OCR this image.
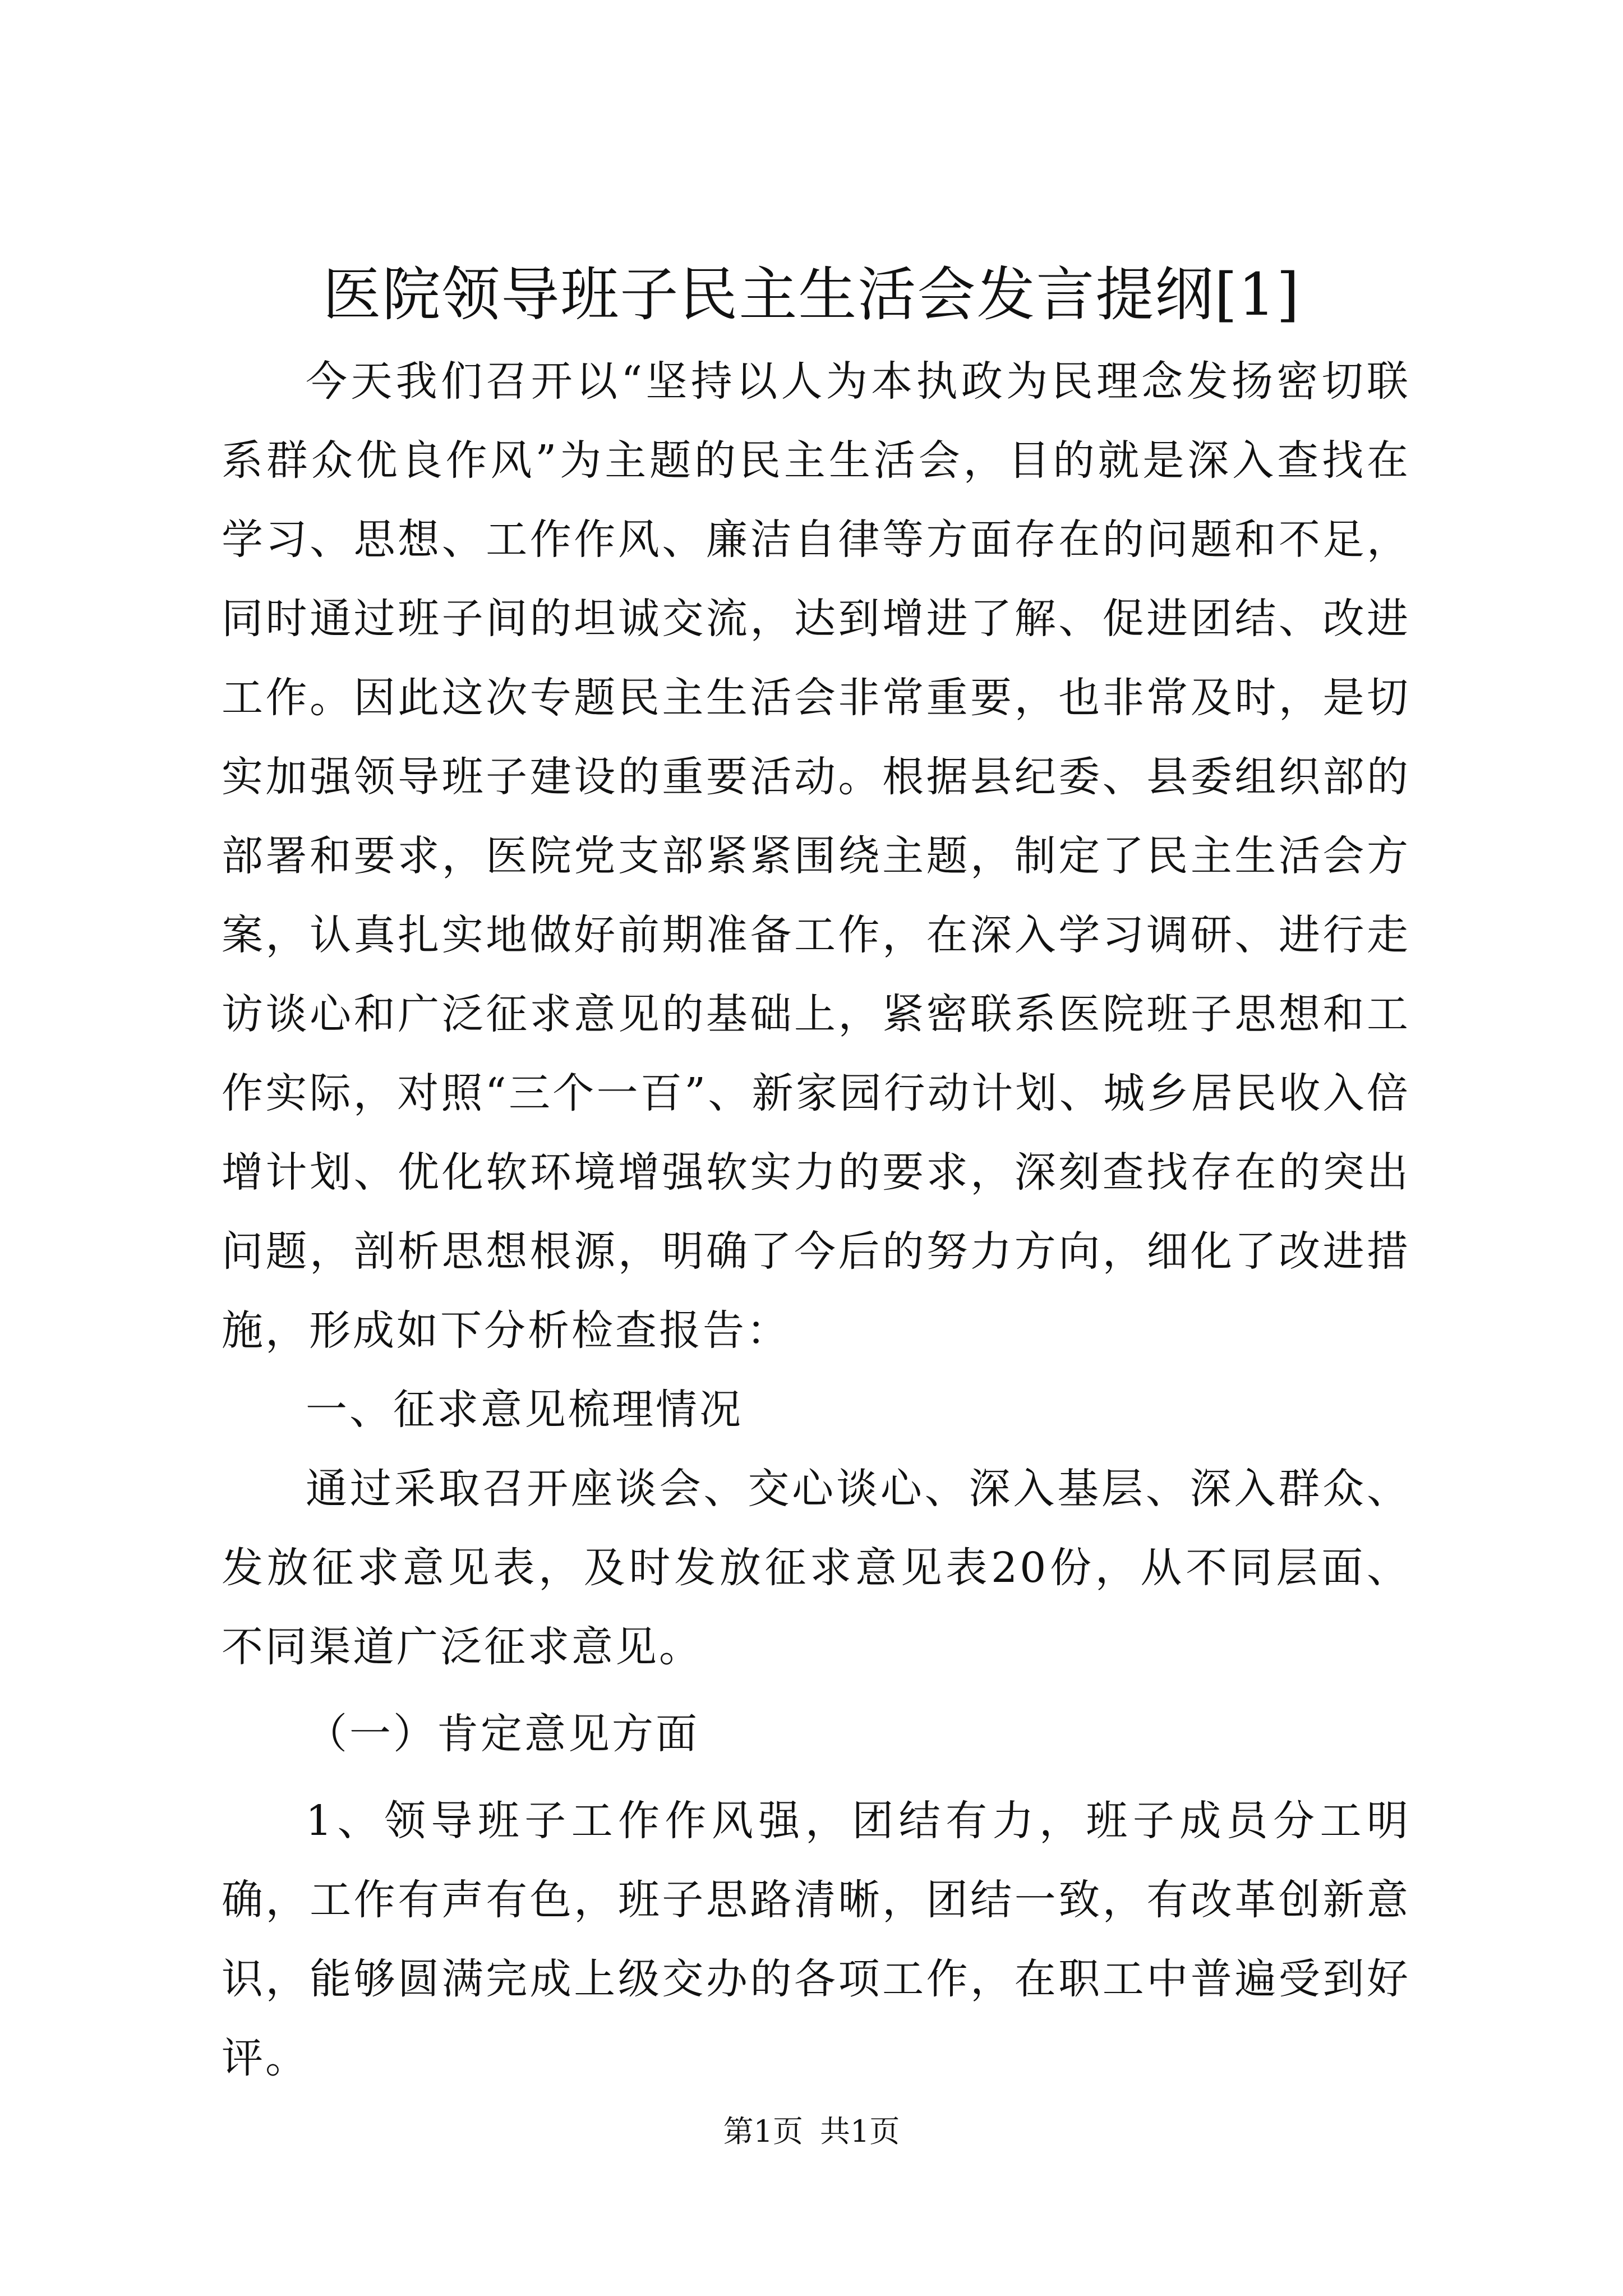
医院领导班子民主生活会发言提纲[1]

今天我们召开以“坚持以人为本执政为民理念发扬密切联系群众优良作风”为主题的民主生活会，目的就是深入查找在学习、思想、工作作风、廉洁自律等方面存在的问题和不足，同时通过班子间的坦诚交流，达到增进了解、促进团结、改进工作。因此这次专题民主生活会非常重要，也非常及时，是切实加强领导班子建设的重要活动。根据县纪委、县委组织部的部署和要求，医院党支部紧紧围绕主题，制定了民主生活会方案，认真扎实地做好前期准备工作，在深入学习调研、进行走访谈心和广泛征求意见的基础上，紧密联系医院班子思想和工作实际，对照“三个一百”、新家园行动计划、城乡居民收入倍增计划、优化软环境增强软实力的要求，深刻查找存在的突出问题，剖析思想根源，明确了今后的努力方向，细化了改进措施，形成如下分析检查报告：

一、征求意见梳理情况

通过采取召开座谈会、交心谈心、深入基层、深入群众、发放征求意见表，及时发放征求意见表20份，从不同层面、不同渠道广泛征求意见。

（一）肯定意见方面

1、领导班子工作作风强，团结有力，班子成员分工明确，工作有声有色，班子思路清晰，团结一致，有改革创新意识，能够圆满完成上级交办的各项工作，在职工中普遍受到好评。

第1页 共1页
